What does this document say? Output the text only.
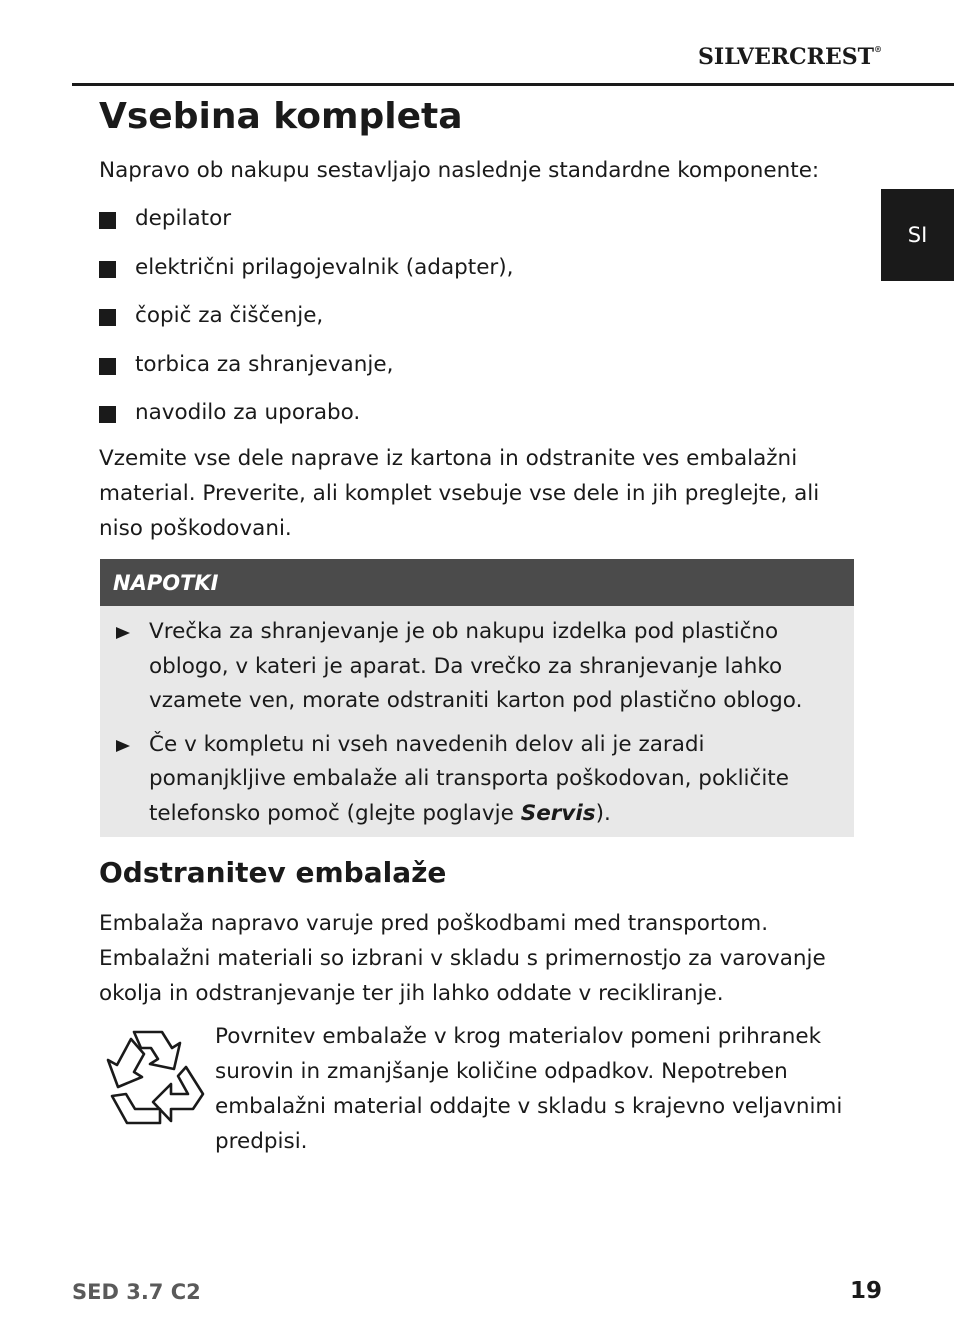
SILVERCREST®
SI
Vsebina kompleta

Napravo ob nakupu sestavljajo naslednje standardne komponente:

depilator
električni prilagojevalnik (adapter),
čopič za čiščenje,
torbica za shranjevanje,
navodilo za uporabo.

Vzemite vse dele naprave iz kartona in odstranite ves embalažni material. Preverite, ali komplet vsebuje vse dele in jih preglejte, ali niso poškodovani.

NAPOTKI
Vrečka za shranjevanje je ob nakupu izdelka pod plastično oblogo, v kateri je aparat. Da vrečko za shranjevanje lahko vzamete ven, morate odstraniti karton pod plastično oblogo.
Če v kompletu ni vseh navedenih delov ali je zaradi pomanjkljive embalaže ali transporta poškodovan, pokličite telefonsko pomoč (glejte poglavje Servis).
Odstranitev embalaže

Embalaža napravo varuje pred poškodbami med transportom. Embalažni materiali so izbrani v skladu s primernostjo za varovanje okolja in odstranjevanje ter jih lahko oddate v recikliranje.

Povrnitev embalaže v krog materialov pomeni prihranek surovin in zmanjšanje količine odpadkov. Nepotreben embalažni material oddajte v skladu s krajevno veljavnimi predpisi.

SED 3.7 C2	19
